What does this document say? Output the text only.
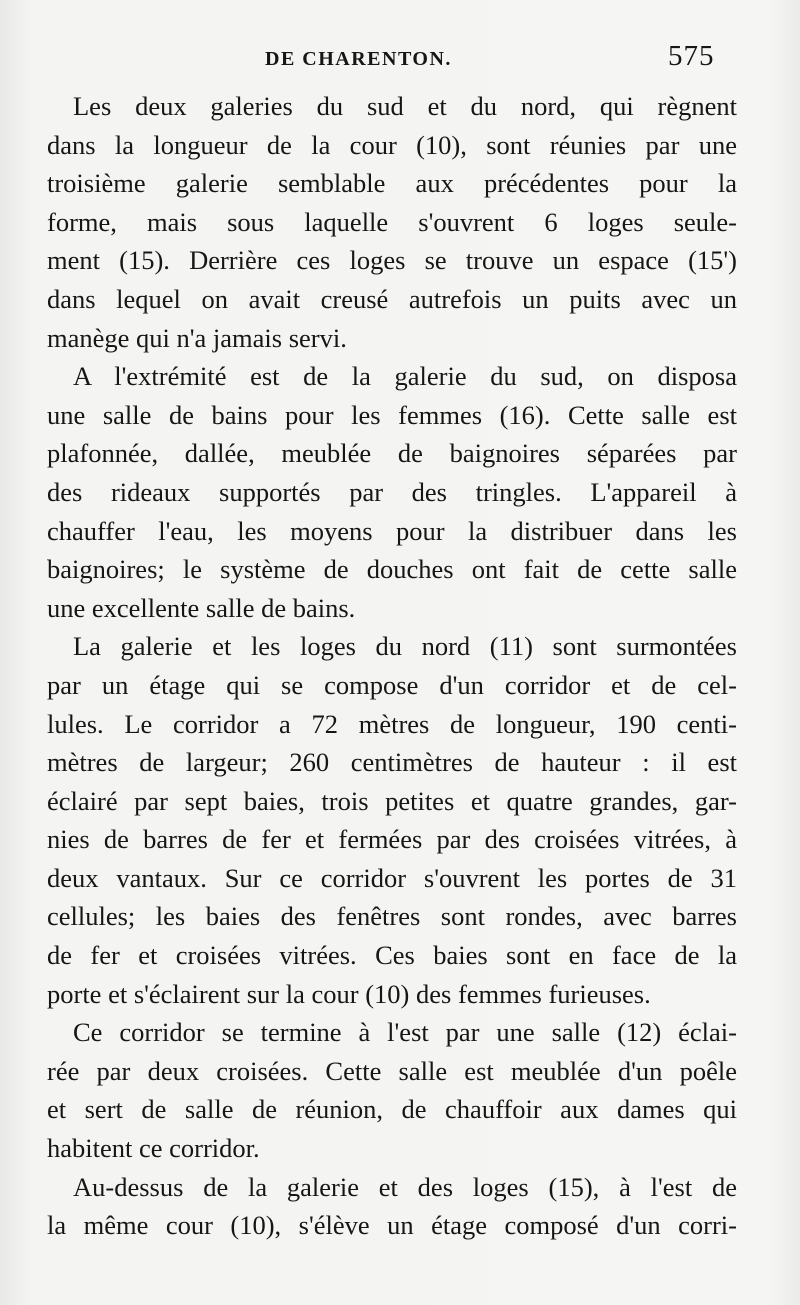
DE CHARENTON.	575
Les deux galeries du sud et du nord, qui règnent
dans la longueur de la cour (10), sont réunies par une
troisième galerie semblable aux précédentes pour la
forme, mais sous laquelle s'ouvrent 6 loges seule-
ment (15). Derrière ces loges se trouve un espace (15')
dans lequel on avait creusé autrefois un puits avec un
manège qui n'a jamais servi.
A l'extrémité est de la galerie du sud, on disposa
une salle de bains pour les femmes (16). Cette salle est
plafonnée, dallée, meublée de baignoires séparées par
des rideaux supportés par des tringles. L'appareil à
chauffer l'eau, les moyens pour la distribuer dans les
baignoires; le système de douches ont fait de cette salle
une excellente salle de bains.
La galerie et les loges du nord (11) sont surmontées
par un étage qui se compose d'un corridor et de cel-
lules. Le corridor a 72 mètres de longueur, 190 centi-
mètres de largeur; 260 centimètres de hauteur : il est
éclairé par sept baies, trois petites et quatre grandes, gar-
nies de barres de fer et fermées par des croisées vitrées, à
deux vantaux. Sur ce corridor s'ouvrent les portes de 31
cellules; les baies des fenêtres sont rondes, avec barres
de fer et croisées vitrées. Ces baies sont en face de la
porte et s'éclairent sur la cour (10) des femmes furieuses.
Ce corridor se termine à l'est par une salle (12) éclai-
rée par deux croisées. Cette salle est meublée d'un poêle
et sert de salle de réunion, de chauffoir aux dames qui
habitent ce corridor.
Au-dessus de la galerie et des loges (15), à l'est de
la même cour (10), s'élève un étage composé d'un corri-
